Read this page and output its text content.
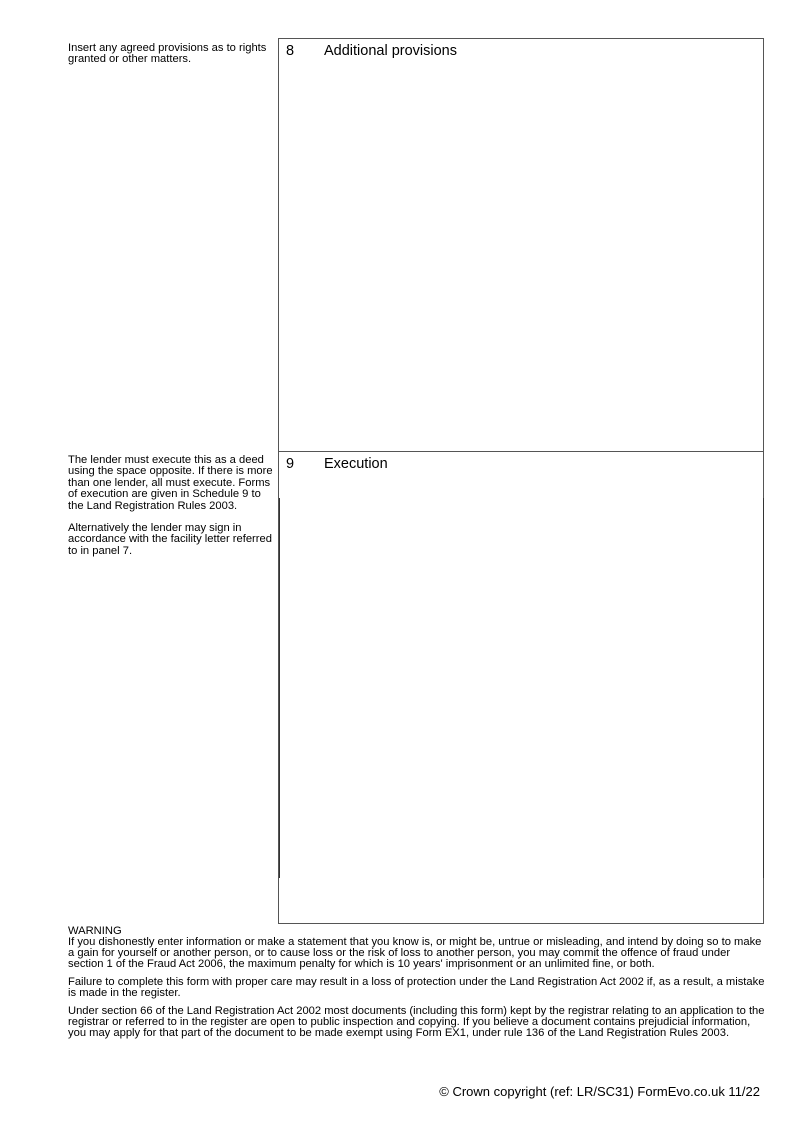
Insert any agreed provisions as to rights granted or other matters.

8	Additional provisions

The lender must execute this as a deed using the space opposite. If there is more than one lender, all must execute. Forms of execution are given in Schedule 9 to the Land Registration Rules 2003.

Alternatively the lender may sign in accordance with the facility letter referred to in panel 7.

9	Execution

WARNING

If you dishonestly enter information or make a statement that you know is, or might be, untrue or misleading, and intend by doing so to make a gain for yourself or another person, or to cause loss or the risk of loss to another person, you may commit the offence of fraud under section 1 of the Fraud Act 2006, the maximum penalty for which is 10 years' imprisonment or an unlimited fine, or both.

Failure to complete this form with proper care may result in a loss of protection under the Land Registration Act 2002 if, as a result, a mistake is made in the register.

Under section 66 of the Land Registration Act 2002 most documents (including this form) kept by the registrar relating to an application to the registrar or referred to in the register are open to public inspection and copying. If you believe a document contains prejudicial information, you may apply for that part of the document to be made exempt using Form EX1, under rule 136 of the Land Registration Rules 2003.

© Crown copyright (ref: LR/SC31) FormEvo.co.uk 11/22
